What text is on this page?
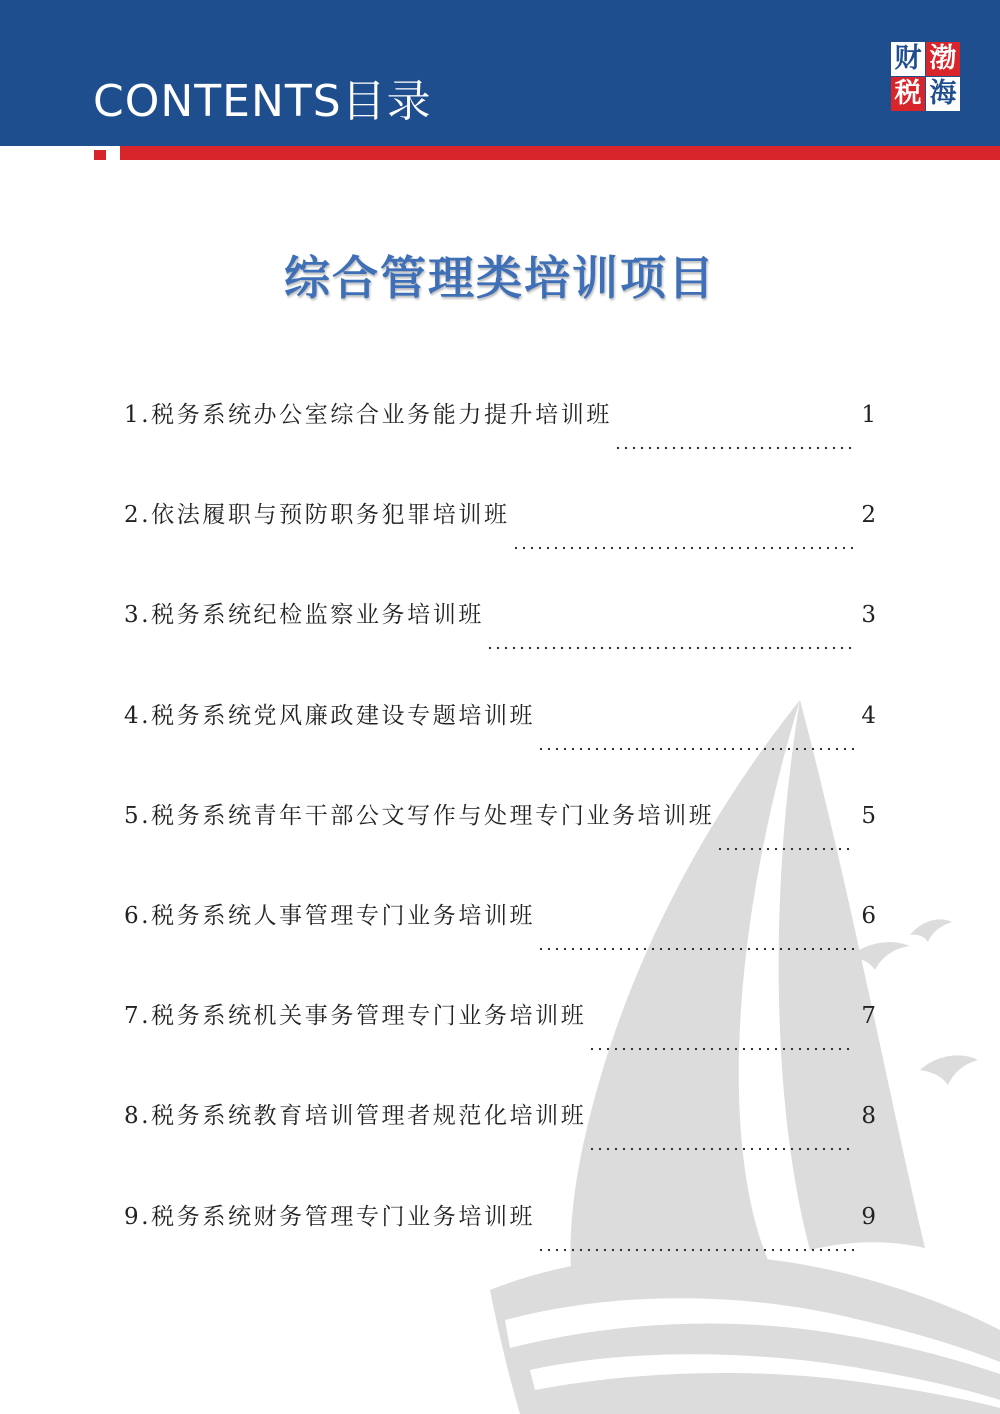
CONTENTS目录
财 渤
税 海
综合管理类培训项目
1.税务系统办公室综合业务能力提升培训班	1
2.依法履职与预防职务犯罪培训班	2
3.税务系统纪检监察业务培训班	3
4.税务系统党风廉政建设专题培训班	4
5.税务系统青年干部公文写作与处理专门业务培训班	5
6.税务系统人事管理专门业务培训班	6
7.税务系统机关事务管理专门业务培训班	7
8.税务系统教育培训管理者规范化培训班	8
9.税务系统财务管理专门业务培训班	9
